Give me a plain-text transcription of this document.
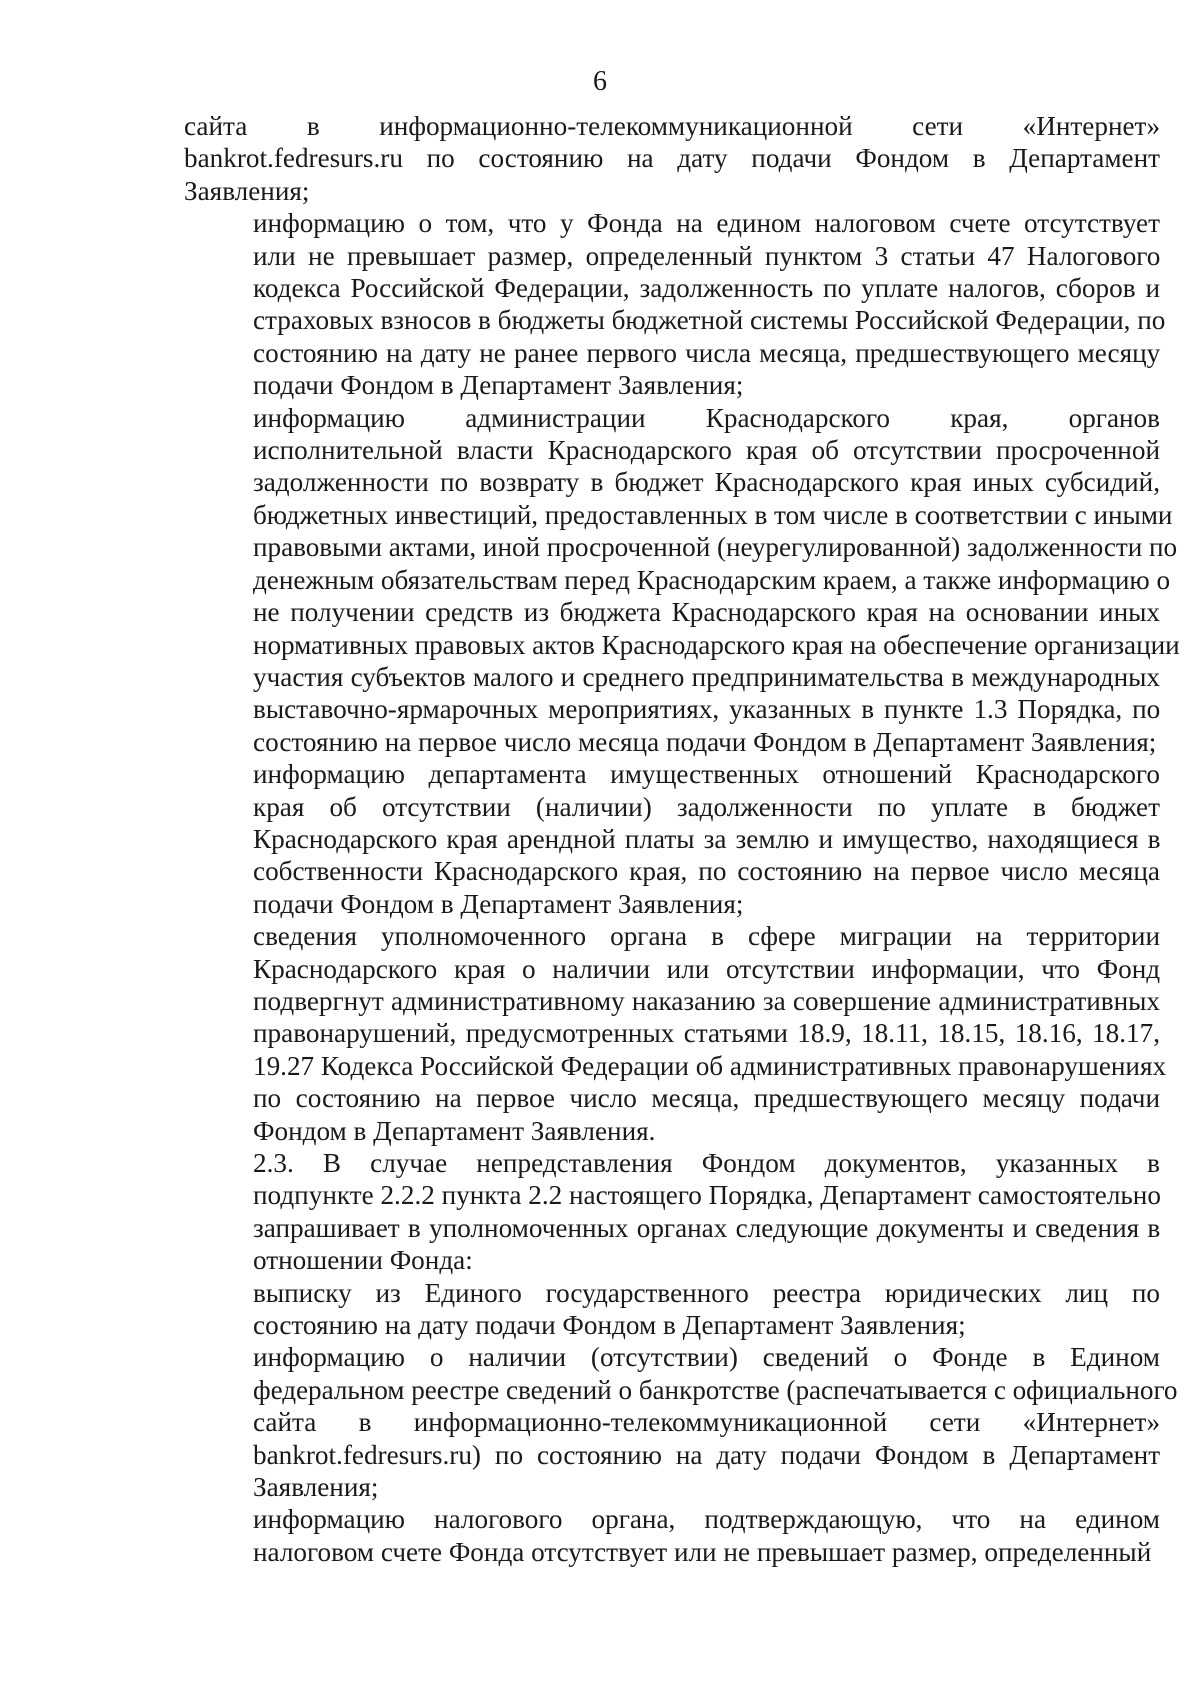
6
сайта в информационно-телекоммуникационной сети «Интернет»
bankrot.fedresurs.ru по состоянию на дату подачи Фондом в Департамент
Заявления;
информацию о том, что у Фонда на едином налоговом счете отсутствует
или не превышает размер, определенный пунктом 3 статьи 47 Налогового
кодекса Российской Федерации, задолженность по уплате налогов, сборов и
страховых взносов в бюджеты бюджетной системы Российской Федерации, по
состоянию на дату не ранее первого числа месяца, предшествующего месяцу
подачи Фондом в Департамент Заявления;
информацию администрации Краснодарского края, органов
исполнительной власти Краснодарского края об отсутствии просроченной
задолженности по возврату в бюджет Краснодарского края иных субсидий,
бюджетных инвестиций, предоставленных в том числе в соответствии с иными
правовыми актами, иной просроченной (неурегулированной) задолженности по
денежным обязательствам перед Краснодарским краем, а также информацию о
не получении средств из бюджета Краснодарского края на основании иных
нормативных правовых актов Краснодарского края на обеспечение организации
участия субъектов малого и среднего предпринимательства в международных
выставочно-ярмарочных мероприятиях, указанных в пункте 1.3 Порядка, по
состоянию на первое число месяца подачи Фондом в Департамент Заявления;
информацию департамента имущественных отношений Краснодарского
края об отсутствии (наличии) задолженности по уплате в бюджет
Краснодарского края арендной платы за землю и имущество, находящиеся в
собственности Краснодарского края, по состоянию на первое число месяца
подачи Фондом в Департамент Заявления;
сведения уполномоченного органа в сфере миграции на территории
Краснодарского края о наличии или отсутствии информации, что Фонд
подвергнут административному наказанию за совершение административных
правонарушений, предусмотренных статьями 18.9, 18.11, 18.15, 18.16, 18.17,
19.27 Кодекса Российской Федерации об административных правонарушениях
по состоянию на первое число месяца, предшествующего месяцу подачи
Фондом в Департамент Заявления.
2.3. В случае непредставления Фондом документов, указанных в
подпункте 2.2.2 пункта 2.2 настоящего Порядка, Департамент самостоятельно
запрашивает в уполномоченных органах следующие документы и сведения в
отношении Фонда:
выписку из Единого государственного реестра юридических лиц по
состоянию на дату подачи Фондом в Департамент Заявления;
информацию о наличии (отсутствии) сведений о Фонде в Едином
федеральном реестре сведений о банкротстве (распечатывается с официального
сайта в информационно-телекоммуникационной сети «Интернет»
bankrot.fedresurs.ru) по состоянию на дату подачи Фондом в Департамент
Заявления;
информацию налогового органа, подтверждающую, что на едином
налоговом счете Фонда отсутствует или не превышает размер, определенный
